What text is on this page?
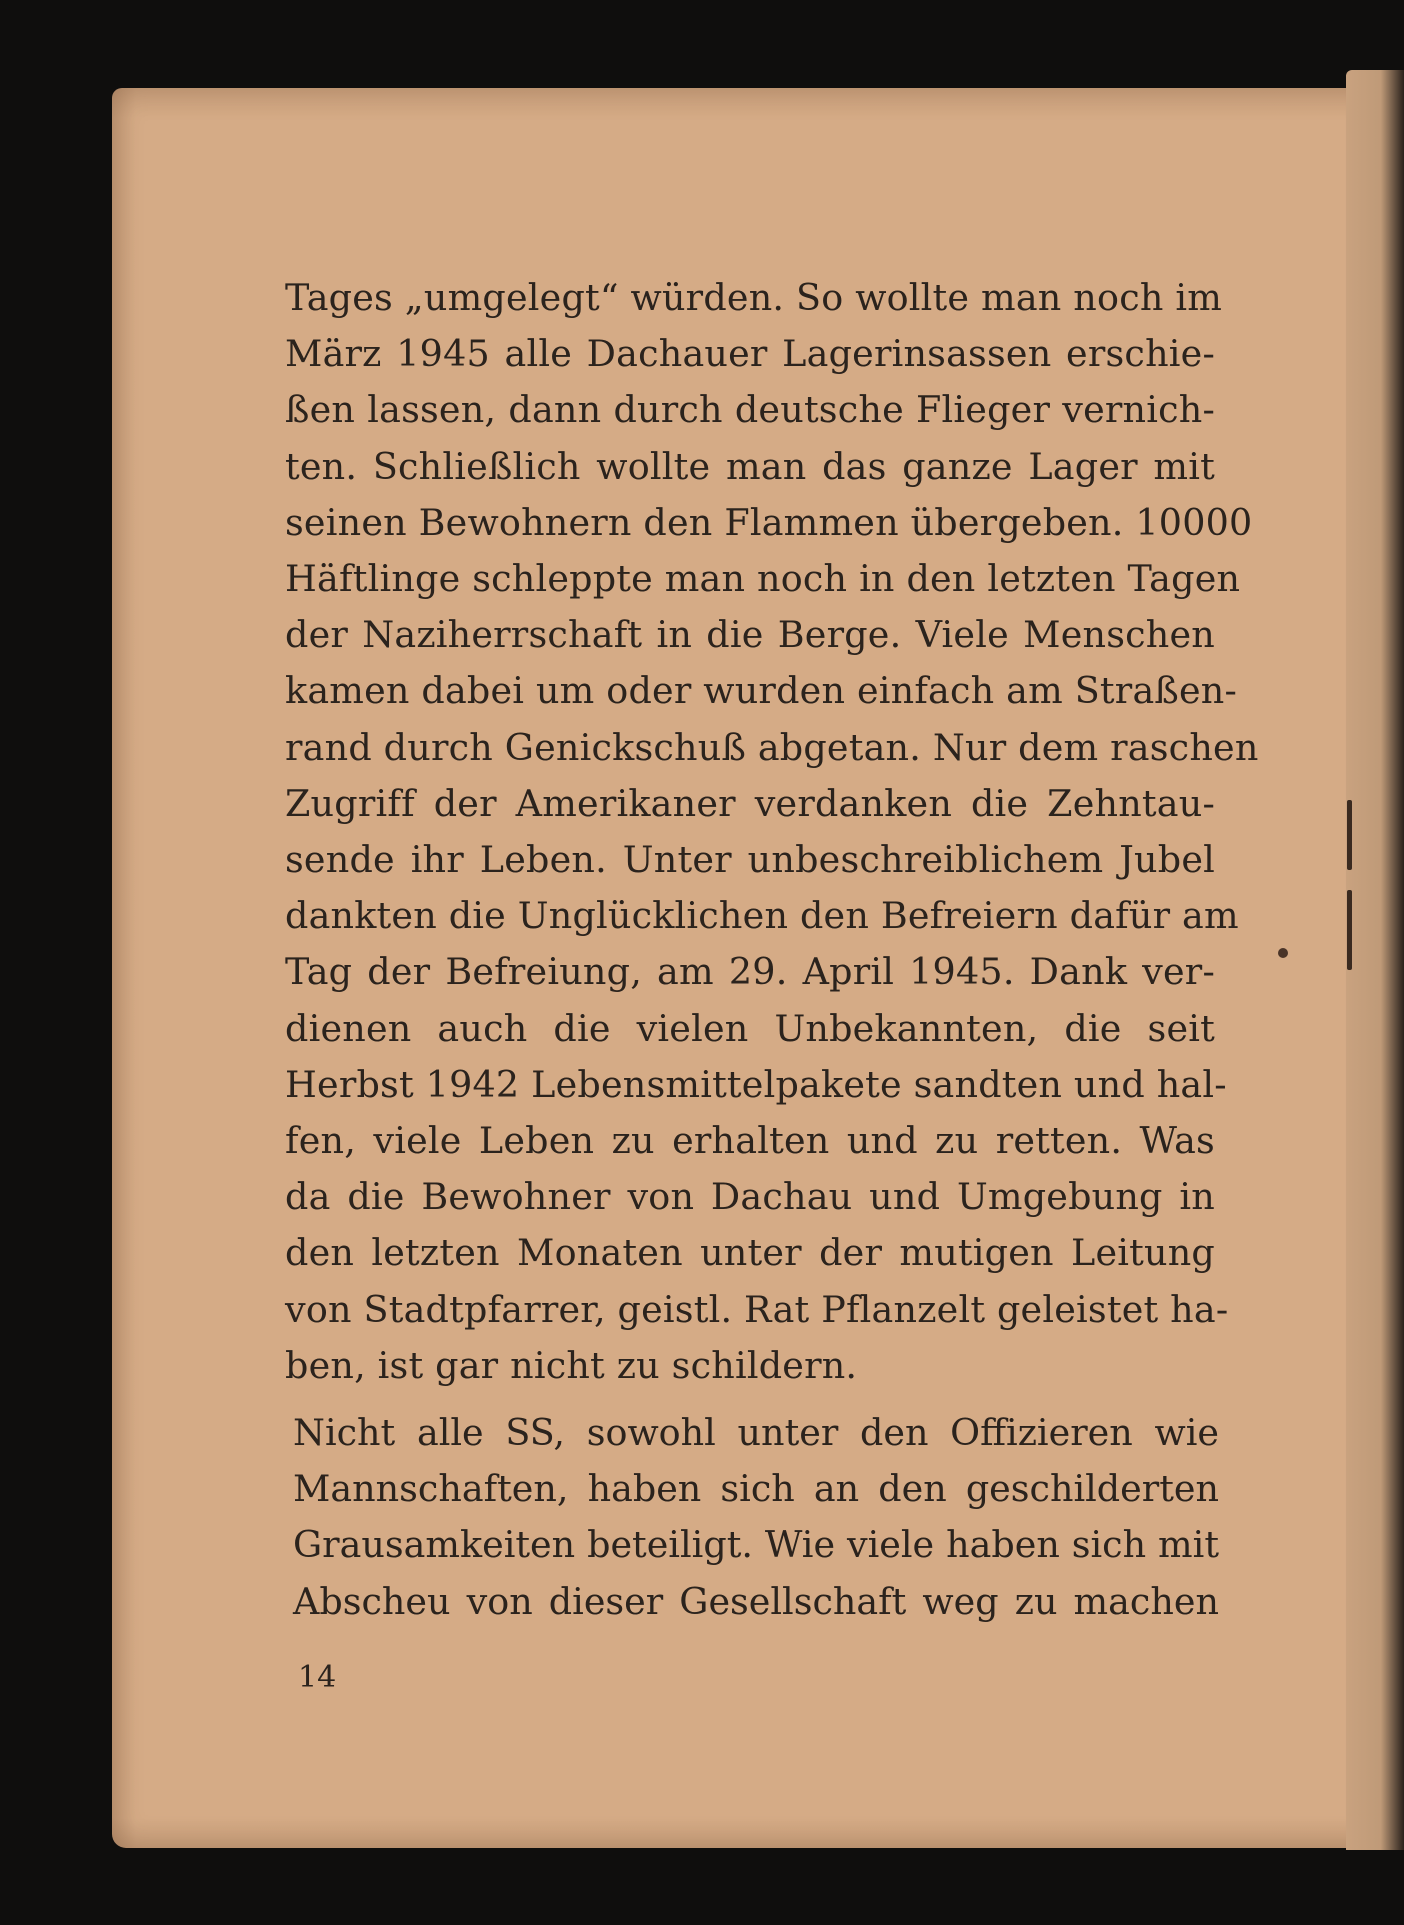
Tages „umgelegt“ würden. So wollte man noch im
März 1945 alle Dachauer Lagerinsassen erschie-
ßen lassen, dann durch deutsche Flieger vernich-
ten. Schließlich wollte man das ganze Lager mit
seinen Bewohnern den Flammen übergeben. 10000
Häftlinge schleppte man noch in den letzten Tagen
der Naziherrschaft in die Berge. Viele Menschen
kamen dabei um oder wurden einfach am Straßen-
rand durch Genickschuß abgetan. Nur dem raschen
Zugriff der Amerikaner verdanken die Zehntau-
sende ihr Leben. Unter unbeschreiblichem Jubel
dankten die Unglücklichen den Befreiern dafür am
Tag der Befreiung, am 29. April 1945. Dank ver-
dienen auch die vielen Unbekannten, die seit
Herbst 1942 Lebensmittelpakete sandten und hal-
fen, viele Leben zu erhalten und zu retten. Was
da die Bewohner von Dachau und Umgebung in
den letzten Monaten unter der mutigen Leitung
von Stadtpfarrer, geistl. Rat Pflanzelt geleistet ha-
ben, ist gar nicht zu schildern.
Nicht alle SS, sowohl unter den Offizieren wie
Mannschaften, haben sich an den geschilderten
Grausamkeiten beteiligt. Wie viele haben sich mit
Abscheu von dieser Gesellschaft weg zu machen
14
